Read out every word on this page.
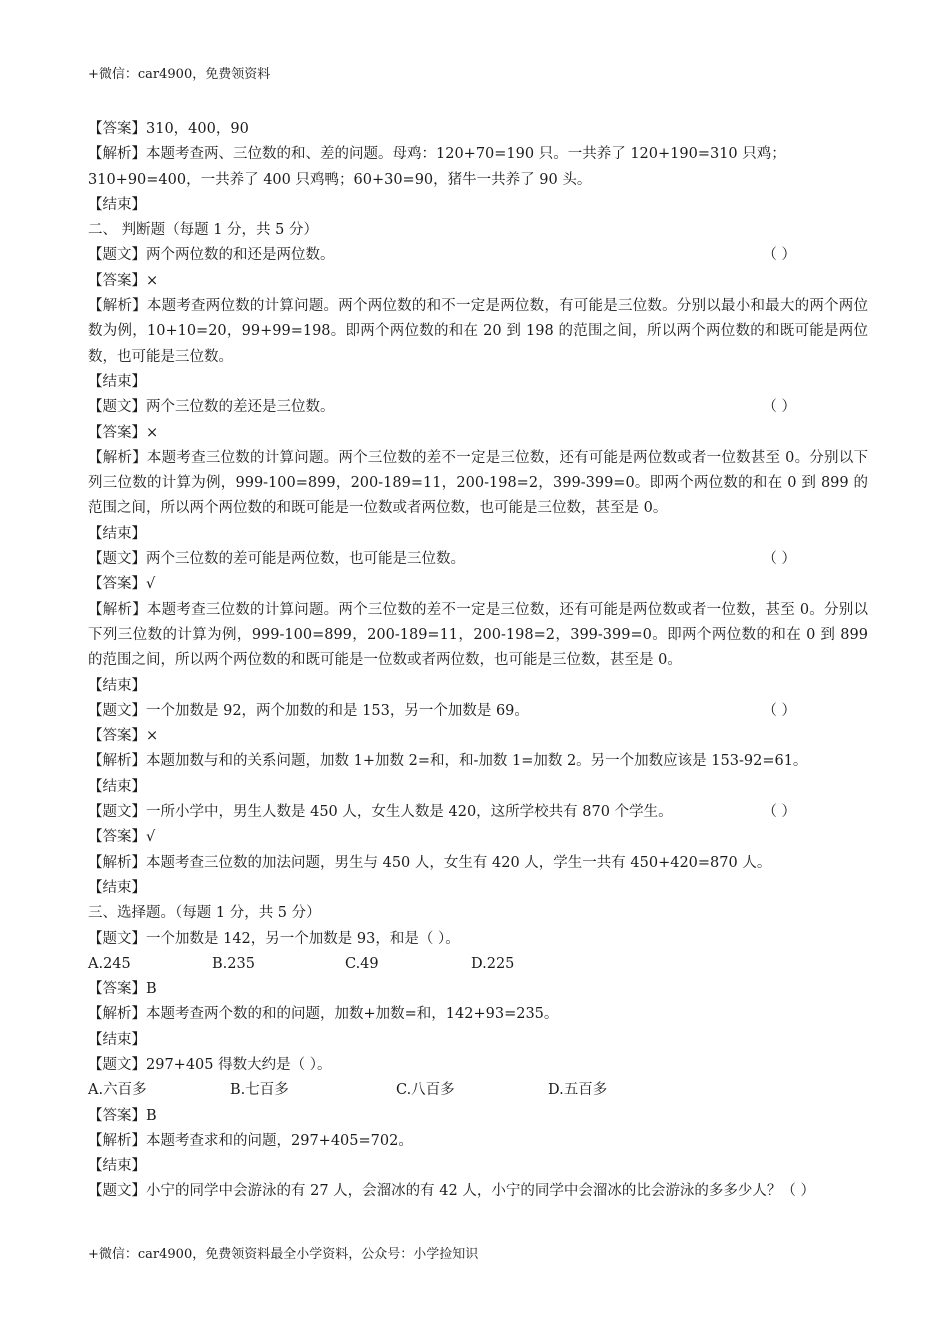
+微信：car4900，免费领资料
【答案】310，400，90
【解析】本题考查两、三位数的和、差的问题。母鸡：120+70=190 只。一共养了 120+190=310 只鸡；
310+90=400，一共养了 400 只鸡鸭；60+30=90，猪牛一共养了 90 头。
【结束】
二、 判断题（每题 1 分，共 5 分）
【题文】两个两位数的和还是两位数。	（ ）
【答案】×
【解析】本题考查两位数的计算问题。两个两位数的和不一定是两位数，有可能是三位数。分别以最小和最大的两个两位数为例，10+10=20，99+99=198。即两个两位数的和在 20 到 198 的范围之间，所以两个两位数的和既可能是两位数，也可能是三位数。
【结束】
【题文】两个三位数的差还是三位数。	（ ）
【答案】×
【解析】本题考查三位数的计算问题。两个三位数的差不一定是三位数，还有可能是两位数或者一位数甚至 0。分别以下列三位数的计算为例，999-100=899，200-189=11，200-198=2，399-399=0。即两个两位数的和在 0 到 899 的范围之间，所以两个两位数的和既可能是一位数或者两位数，也可能是三位数，甚至是 0。
【结束】
【题文】两个三位数的差可能是两位数，也可能是三位数。	（ ）
【答案】√
【解析】本题考查三位数的计算问题。两个三位数的差不一定是三位数，还有可能是两位数或者一位数，甚至 0。分别以下列三位数的计算为例，999-100=899，200-189=11，200-198=2，399-399=0。即两个两位数的和在 0 到 899 的范围之间，所以两个两位数的和既可能是一位数或者两位数，也可能是三位数，甚至是 0。
【结束】
【题文】一个加数是 92，两个加数的和是 153，另一个加数是 69。	（ ）
【答案】×
【解析】本题加数与和的关系问题，加数 1+加数 2=和，和-加数 1=加数 2。另一个加数应该是 153-92=61。
【结束】
【题文】一所小学中，男生人数是 450 人，女生人数是 420，这所学校共有 870 个学生。	（ ）
【答案】√
【解析】本题考查三位数的加法问题，男生与 450 人，女生有 420 人，学生一共有 450+420=870 人。
【结束】
三、选择题。（每题 1 分，共 5 分）
【题文】一个加数是 142，另一个加数是 93，和是（ ）。
A.245	B.235	C.49	D.225
【答案】B
【解析】本题考查两个数的和的问题，加数+加数=和，142+93=235。
【结束】
【题文】297+405 得数大约是（ ）。
A.六百多	B.七百多	C.八百多	D.五百多
【答案】B
【解析】本题考查求和的问题，297+405=702。
【结束】
【题文】小宁的同学中会游泳的有 27 人，会溜冰的有 42 人，小宁的同学中会溜冰的比会游泳的多多少人？（ ）
+微信：car4900，免费领资料最全小学资料，公众号：小学捡知识
